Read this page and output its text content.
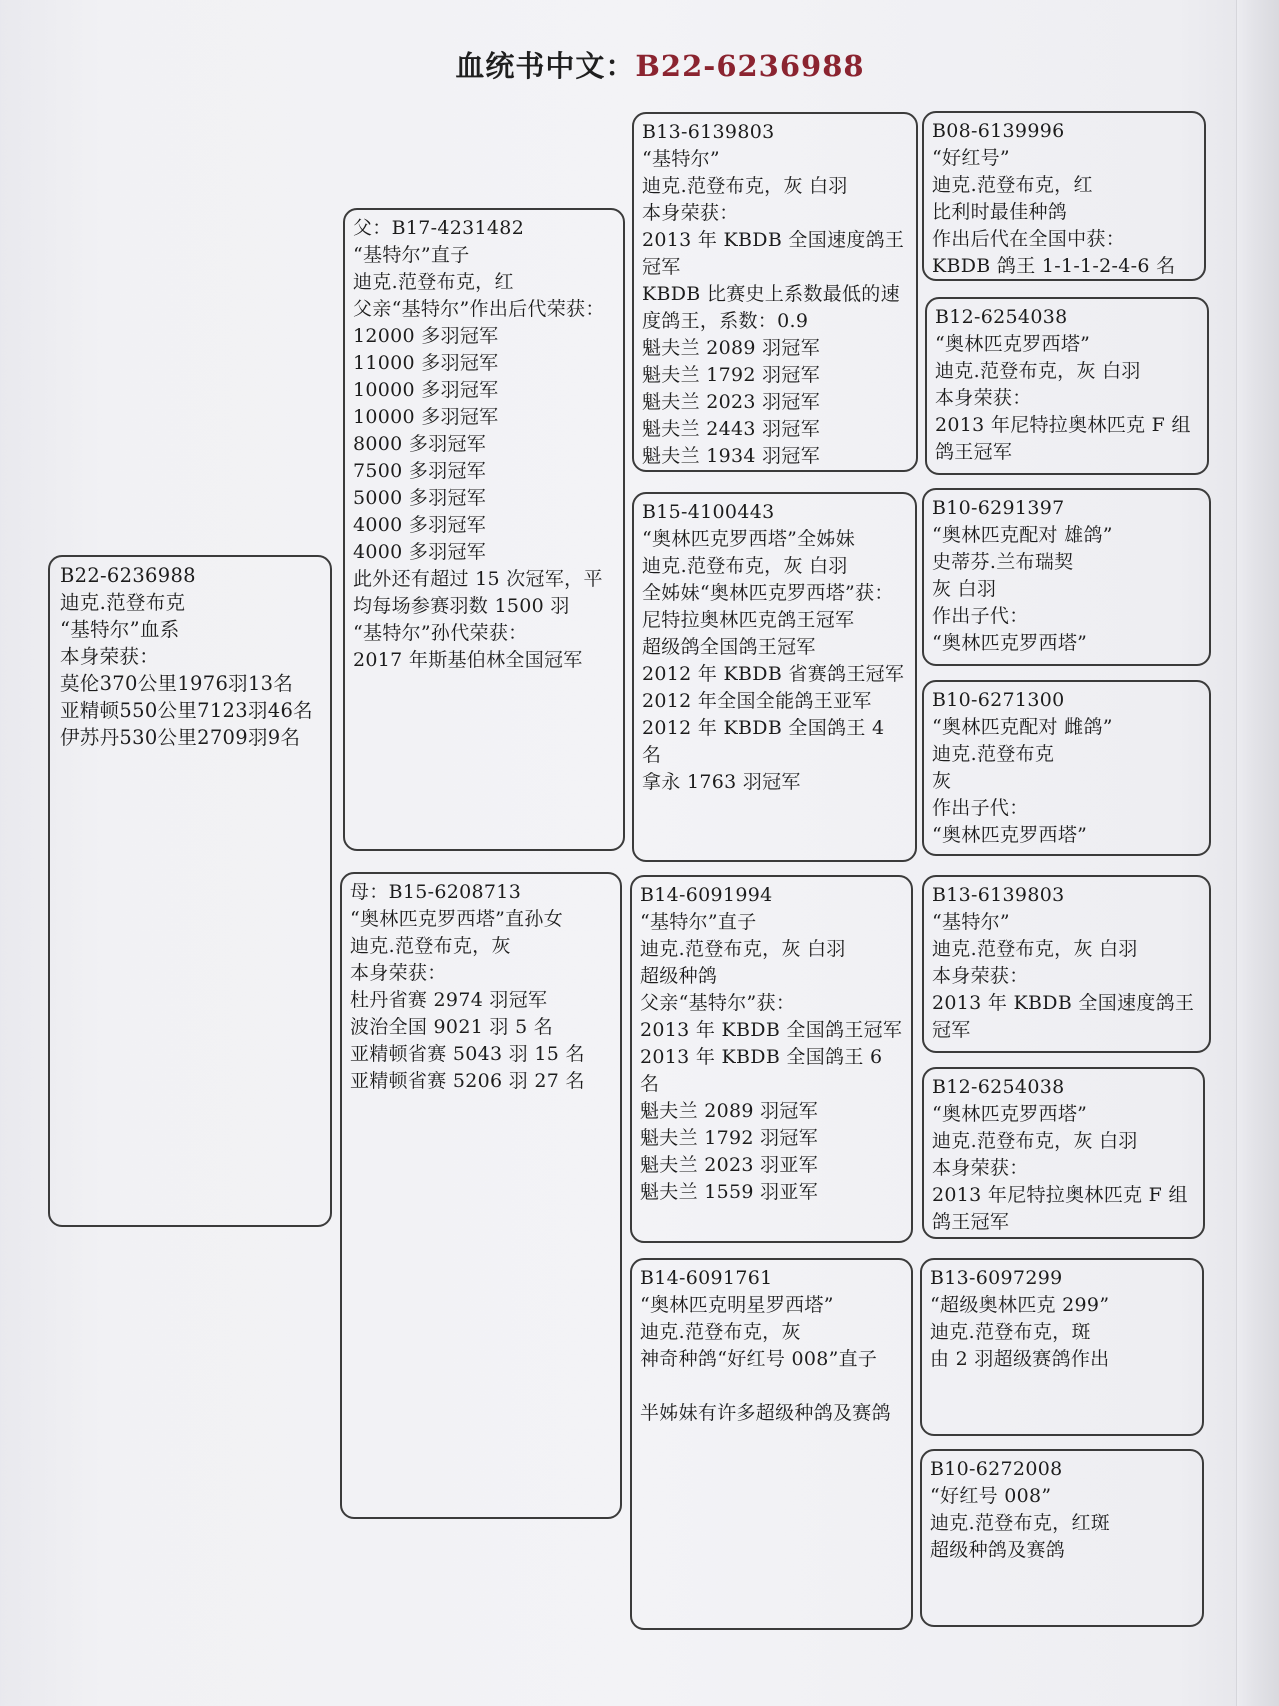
血统书中文：B22-6236988
B22-6236988
迪克.范登布克
“基特尔”血系
本身荣获：
莫伦370公里1976羽13名
亚精顿550公里7123羽46名
伊苏丹530公里2709羽9名
父：B17-4231482
“基特尔”直子
迪克.范登布克，红
父亲“基特尔”作出后代荣获：
12000 多羽冠军
11000 多羽冠军
10000 多羽冠军
10000 多羽冠军
8000 多羽冠军
7500 多羽冠军
5000 多羽冠军
4000 多羽冠军
4000 多羽冠军
此外还有超过 15 次冠军，平均每场参赛羽数 1500 羽
“基特尔”孙代荣获：
2017 年斯基伯林全国冠军
母：B15-6208713
“奥林匹克罗西塔”直孙女
迪克.范登布克，灰
本身荣获：
杜丹省赛 2974 羽冠军
波治全国 9021 羽 5 名
亚精顿省赛 5043 羽 15 名
亚精顿省赛 5206 羽 27 名
B13-6139803
“基特尔”
迪克.范登布克，灰 白羽
本身荣获：
2013 年 KBDB 全国速度鸽王冠军
KBDB 比赛史上系数最低的速度鸽王，系数：0.9
魁夫兰 2089 羽冠军
魁夫兰 1792 羽冠军
魁夫兰 2023 羽冠军
魁夫兰 2443 羽冠军
魁夫兰 1934 羽冠军
B15-4100443
“奥林匹克罗西塔”全姊妹
迪克.范登布克，灰 白羽
全姊妹“奥林匹克罗西塔”获：
尼特拉奥林匹克鸽王冠军
超级鸽全国鸽王冠军
2012 年 KBDB 省赛鸽王冠军
2012 年全国全能鸽王亚军
2012 年 KBDB 全国鸽王 4 名
拿永 1763 羽冠军
B14-6091994
“基特尔”直子
迪克.范登布克，灰 白羽
超级种鸽
父亲“基特尔”获：
2013 年 KBDB 全国鸽王冠军
2013 年 KBDB 全国鸽王 6 名
魁夫兰 2089 羽冠军
魁夫兰 1792 羽冠军
魁夫兰 2023 羽亚军
魁夫兰 1559 羽亚军
B14-6091761
“奥林匹克明星罗西塔”
迪克.范登布克，灰
神奇种鸽“好红号 008”直子

半姊妹有许多超级种鸽及赛鸽
B08-6139996
“好红号”
迪克.范登布克，红
比利时最佳种鸽
作出后代在全国中获：
KBDB 鸽王 1-1-1-2-4-6 名
B12-6254038
“奥林匹克罗西塔”
迪克.范登布克，灰 白羽
本身荣获：
2013 年尼特拉奥林匹克 F 组鸽王冠军
B10-6291397
“奥林匹克配对 雄鸽”
史蒂芬.兰布瑞契
灰 白羽
作出子代：
“奥林匹克罗西塔”
B10-6271300
“奥林匹克配对 雌鸽”
迪克.范登布克
灰
作出子代：
“奥林匹克罗西塔”
B13-6139803
“基特尔”
迪克.范登布克，灰 白羽
本身荣获：
2013 年 KBDB 全国速度鸽王冠军
B12-6254038
“奥林匹克罗西塔”
迪克.范登布克，灰 白羽
本身荣获：
2013 年尼特拉奥林匹克 F 组鸽王冠军
B13-6097299
“超级奥林匹克 299”
迪克.范登布克，斑
由 2 羽超级赛鸽作出
B10-6272008
“好红号 008”
迪克.范登布克，红斑
超级种鸽及赛鸽
